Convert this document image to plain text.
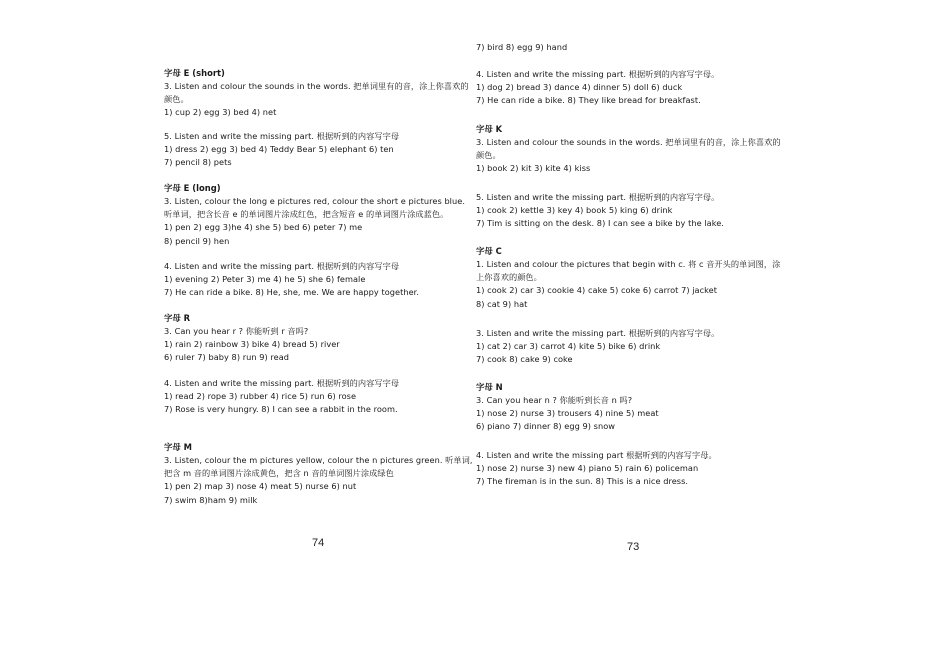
字母 E (short)
3. Listen and colour the sounds in the words. 把单词里有的音，涂上你喜欢的
颜色。
1) cup 2) egg 3) bed 4) net
5. Listen and write the missing part. 根据听到的内容写字母
1) dress 2) egg 3) bed 4) Teddy Bear 5) elephant 6) ten
7) pencil 8) pets
字母 E (long)
3. Listen, colour the long e pictures red, colour the short e pictures blue.
听单词，把含长音 e 的单词图片涂成红色，把含短音 e 的单词图片涂成蓝色。
1) pen 2) egg 3)he 4) she 5) bed 6) peter 7) me
8) pencil 9) hen
4. Listen and write the missing part. 根据听到的内容写字母
1) evening 2) Peter 3) me 4) he 5) she 6) female
7) He can ride a bike. 8) He, she, me. We are happy together.
字母 R
3. Can you hear r ? 你能听到 r 音吗?
1) rain 2) rainbow 3) bike 4) bread 5) river
6) ruler 7) baby 8) run 9) read
4. Listen and write the missing part. 根据听到的内容写字母
1) read 2) rope 3) rubber 4) rice 5) run 6) rose
7) Rose is very hungry. 8) I can see a rabbit in the room.
字母 M
3. Listen, colour the m pictures yellow, colour the n pictures green. 听单词,
把含 m 音的单词图片涂成黄色，把含 n 音的单词图片涂成绿色
1) pen 2) map 3) nose 4) meat 5) nurse 6) nut
7) swim 8)ham 9) milk
7) bird 8) egg 9) hand
4. Listen and write the missing part. 根据听到的内容写字母。
1) dog 2) bread 3) dance 4) dinner 5) doll 6) duck
7) He can ride a bike. 8) They like bread for breakfast.
字母 K
3. Listen and colour the sounds in the words. 把单词里有的音，涂上你喜欢的
颜色。
1) book 2) kit 3) kite 4) kiss
5. Listen and write the missing part. 根据听到的内容写字母。
1) cook 2) kettle 3) key 4) book 5) king 6) drink
7) Tim is sitting on the desk. 8) I can see a bike by the lake.
字母 C
1. Listen and colour the pictures that begin with c. 将 c 音开头的单词图，涂
上你喜欢的颜色。
1) cook 2) car 3) cookie 4) cake 5) coke 6) carrot 7) jacket
8) cat 9) hat
3. Listen and write the missing part. 根据听到的内容写字母。
1) cat 2) car 3) carrot 4) kite 5) bike 6) drink
7) cook 8) cake 9) coke
字母 N
3. Can you hear n ? 你能听到长音 n 吗?
1) nose 2) nurse 3) trousers 4) nine 5) meat
6) piano 7) dinner 8) egg 9) snow
4. Listen and write the missing part 根据听到的内容写字母。
1) nose 2) nurse 3) new 4) piano 5) rain 6) policeman
7) The fireman is in the sun. 8) This is a nice dress.
74	73
